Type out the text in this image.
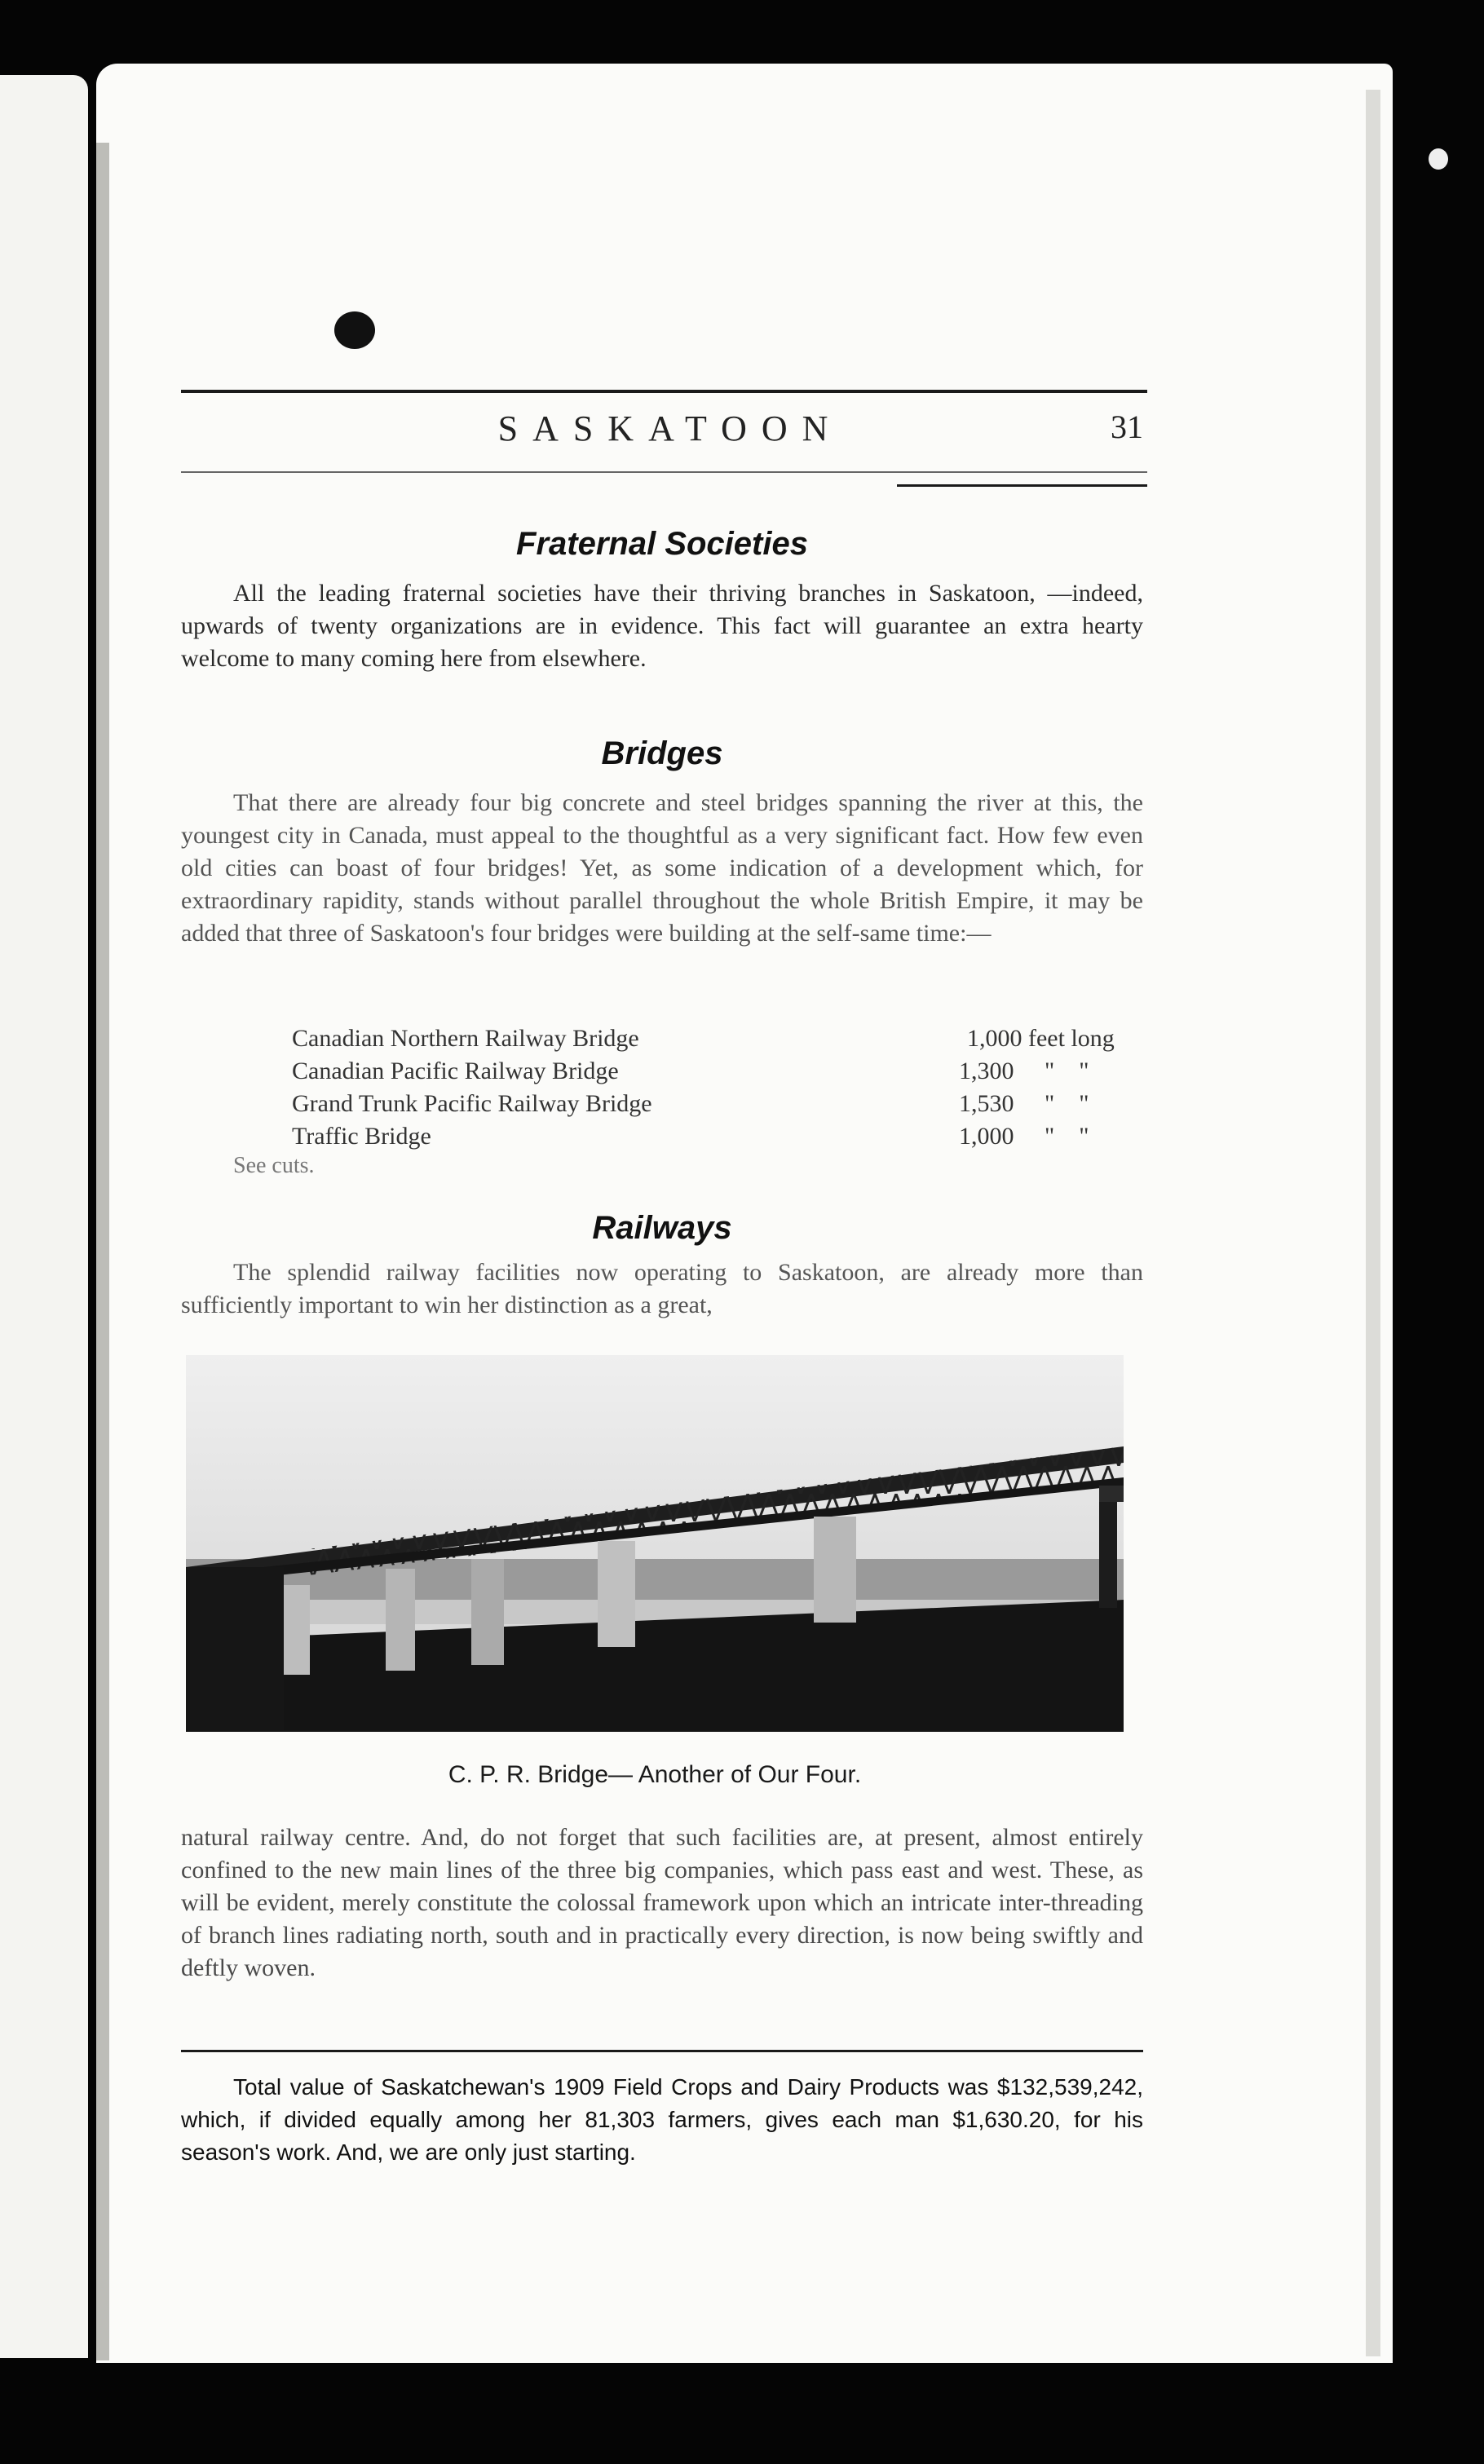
SASKATOON	31
Fraternal Societies

All the leading fraternal societies have their thriving branches in Saskatoon, —indeed, upwards of twenty organizations are in evidence. This fact will guarantee an extra hearty welcome to many coming here from elsewhere.

Bridges

That there are already four big concrete and steel bridges spanning the river at this, the youngest city in Canada, must appeal to the thoughtful as a very significant fact. How few even old cities can boast of four bridges! Yet, as some indication of a development which, for extraordinary rapidity, stands without parallel throughout the whole British Empire, it may be added that three of Saskatoon's four bridges were building at the self-same time:—

Canadian Northern Railway Bridge	1,000 feet long
Canadian Pacific Railway Bridge	1,300     "    "
Grand Trunk Pacific Railway Bridge	1,530     "    "
Traffic Bridge	1,000     "    "
See cuts.
Railways

The splendid railway facilities now operating to Saskatoon, are already more than sufficiently important to win her distinction as a great,

C. P. R. Bridge— Another of Our Four.

natural railway centre. And, do not forget that such facilities are, at present, almost entirely confined to the new main lines of the three big companies, which pass east and west. These, as will be evident, merely constitute the colossal framework upon which an intricate inter-threading of branch lines radiating north, south and in practically every direction, is now being swiftly and deftly woven.

Total value of Saskatchewan's 1909 Field Crops and Dairy Products was $132,539,242, which, if divided equally among her 81,303 farmers, gives each man $1,630.20, for his season's work. And, we are only just starting.
